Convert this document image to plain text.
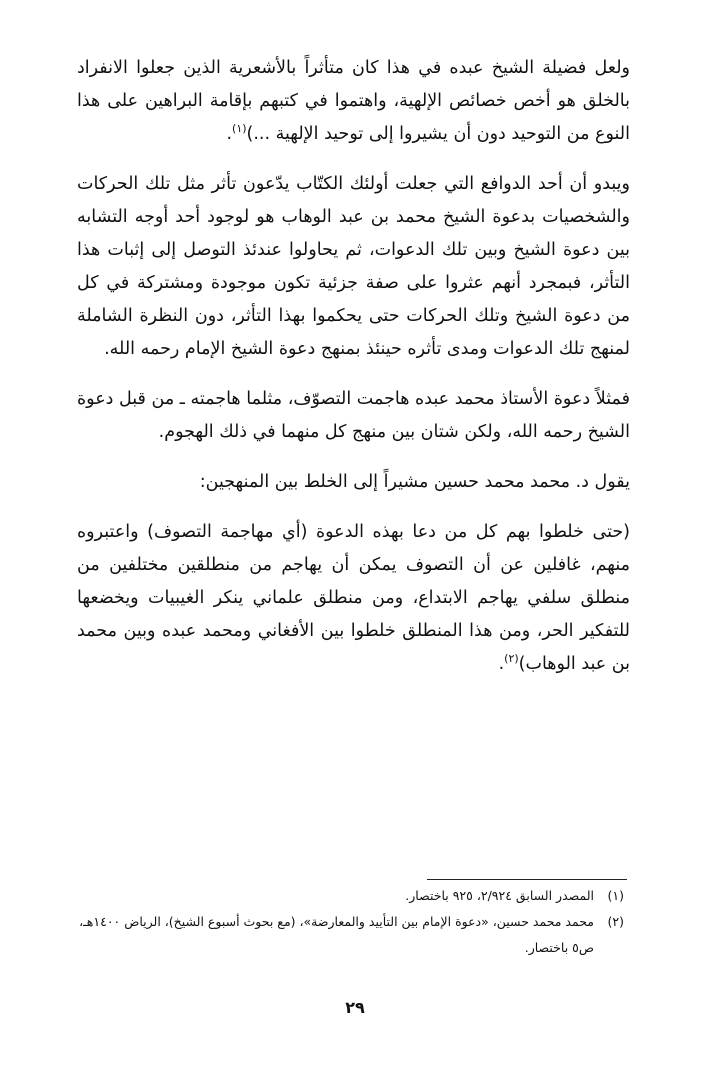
ولعل فضيلة الشيخ عبده في هذا كان متأثراً بالأشعرية الذين جعلوا الانفراد بالخلق هو أخص خصائص الإلهية، واهتموا في كتبهم بإقامة البراهين على هذا النوع من التوحيد دون أن يشيروا إلى توحيد الإلهية ...)$^{(١)}$.

ويبدو أن أحد الدوافع التي جعلت أولئك الكتّاب يدّعون تأثر مثل تلك الحركات والشخصيات بدعوة الشيخ محمد بن عبد الوهاب هو لوجود أحد أوجه التشابه بين دعوة الشيخ وبين تلك الدعوات، ثم يحاولوا عندئذ التوصل إلى إثبات هذا التأثر، فبمجرد أنهم عثروا على صفة جزئية تكون موجودة ومشتركة في كل من دعوة الشيخ وتلك الحركات حتى يحكموا بهذا التأثر، دون النظرة الشاملة لمنهج تلك الدعوات ومدى تأثره حينئذ بمنهج دعوة الشيخ الإمام رحمه الله.

فمثلاً دعوة الأستاذ محمد عبده هاجمت التصوّف، مثلما هاجمته ـ من قبل دعوة الشيخ رحمه الله، ولكن شتان بين منهج كل منهما في ذلك الهجوم.

يقول د. محمد محمد حسين مشيراً إلى الخلط بين المنهجين:

(حتى خلطوا بهم كل من دعا بهذه الدعوة (أي مهاجمة التصوف) واعتبروه منهم، غافلين عن أن التصوف يمكن أن يهاجم من منطلقين مختلفين من منطلق سلفي يهاجم الابتداع، ومن منطلق علماني ينكر الغيبيات ويخضعها للتفكير الحر، ومن هذا المنطلق خلطوا بين الأفغاني ومحمد عبده وبين محمد بن عبد الوهاب)$^{(٢)}$.

(١)
المصدر السابق ٢/٩٢٤، ٩٢٥ باختصار.
(٢)
محمد محمد حسين، «دعوة الإمام بين التأييد والمعارضة»، (مع بحوث أسبوع الشيخ)، الرياض ١٤٠٠هـ، ص٥ باختصار.
٢٩
